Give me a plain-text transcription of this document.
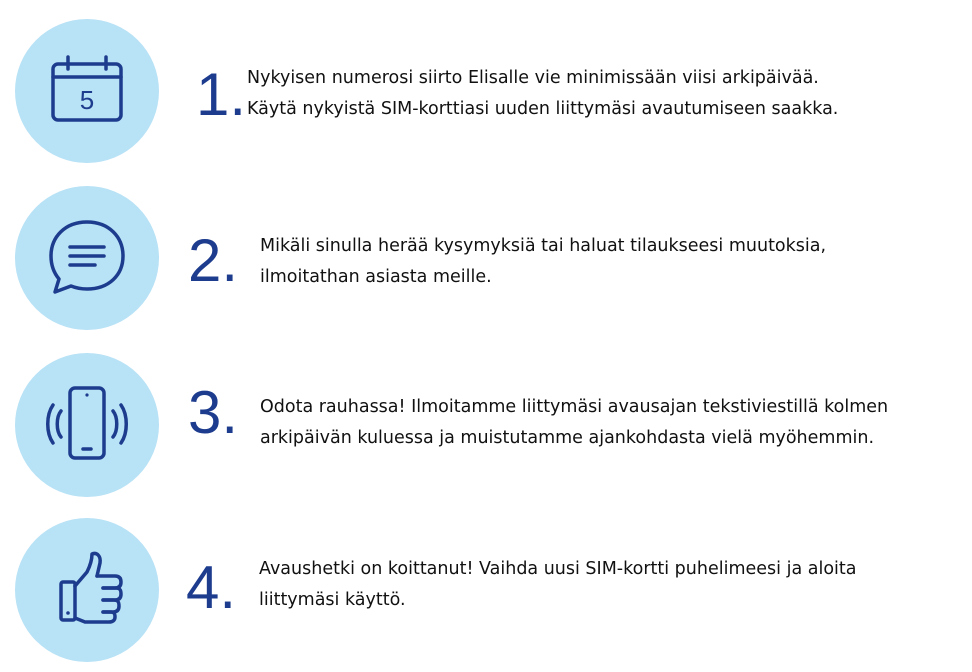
5 1. Nykyisen numerosi siirto Elisalle vie minimissään viisi arkipäivää.
Käytä nykyistä SIM-korttiasi uuden liittymäsi avautumiseen saakka.
2. Mikäli sinulla herää kysymyksiä tai haluat tilaukseesi muutoksia,
ilmoitathan asiasta meille.
3. Odota rauhassa! Ilmoitamme liittymäsi avausajan tekstiviestillä kolmen
arkipäivän kuluessa ja muistutamme ajankohdasta vielä myöhemmin.
4. Avaushetki on koittanut! Vaihda uusi SIM-kortti puhelimeesi ja aloita
liittymäsi käyttö.
